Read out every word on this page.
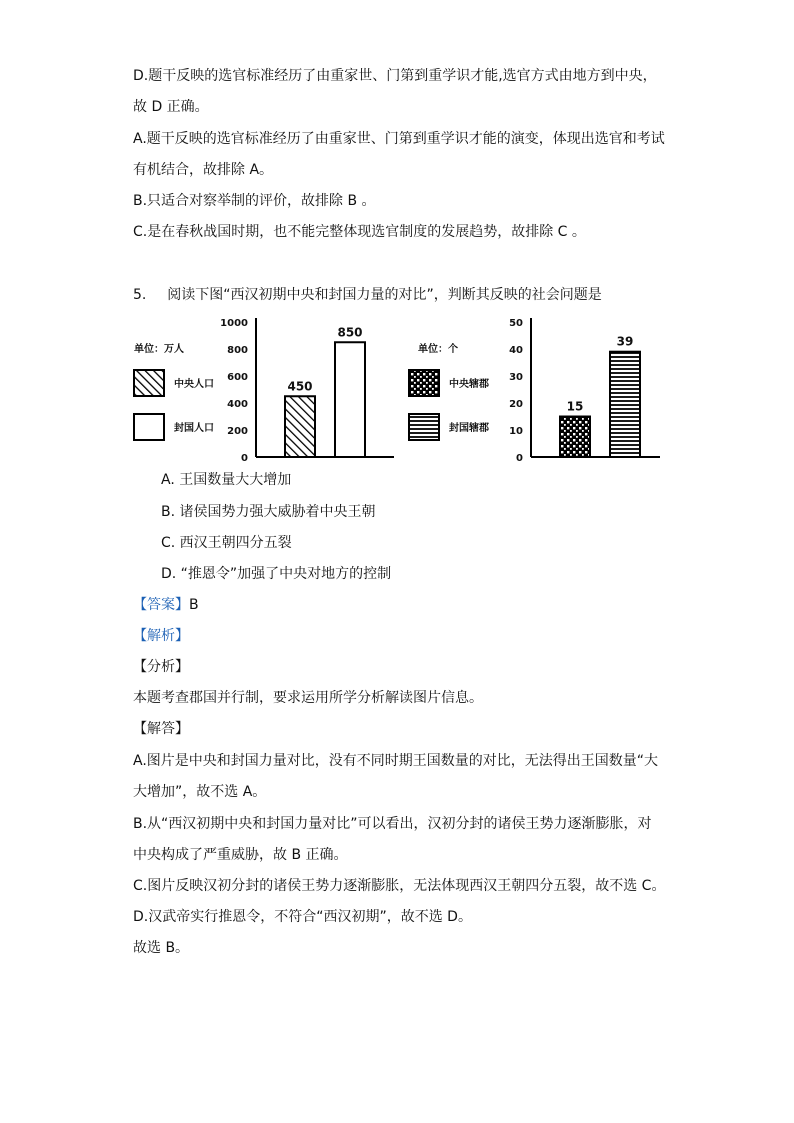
D.题干反映的选官标准经历了由重家世、门第到重学识才能,选官方式由地方到中央，
故 D 正确。
A.题干反映的选官标准经历了由重家世、门第到重学识才能的演变，体现出选官和考试
有机结合，故排除 A。
B.只适合对察举制的评价，故排除 B 。
C.是在春秋战国时期，也不能完整体现选官制度的发展趋势，故排除 C 。
5. 阅读下图“西汉初期中央和封国力量的对比”，判断其反映的社会问题是
单位：万人
中央人口
封国人口
0
200
400
600
800
1000
450
850
单位：个
中央辖郡
封国辖郡
0
10
20
30
40
50
15
39
A. 王国数量大大增加
B. 诸侯国势力强大威胁着中央王朝
C. 西汉王朝四分五裂
D. “推恩令”加强了中央对地方的控制
【答案】B
【解析】
【分析】
本题考查郡国并行制，要求运用所学分析解读图片信息。
【解答】
A.图片是中央和封国力量对比，没有不同时期王国数量的对比，无法得出王国数量“大
大增加”，故不选 A。
B.从“西汉初期中央和封国力量对比”可以看出，汉初分封的诸侯王势力逐渐膨胀，对
中央构成了严重威胁，故 B 正确。
C.图片反映汉初分封的诸侯王势力逐渐膨胀，无法体现西汉王朝四分五裂，故不选 C。
D.汉武帝实行推恩令，不符合“西汉初期”，故不选 D。
故选 B。
